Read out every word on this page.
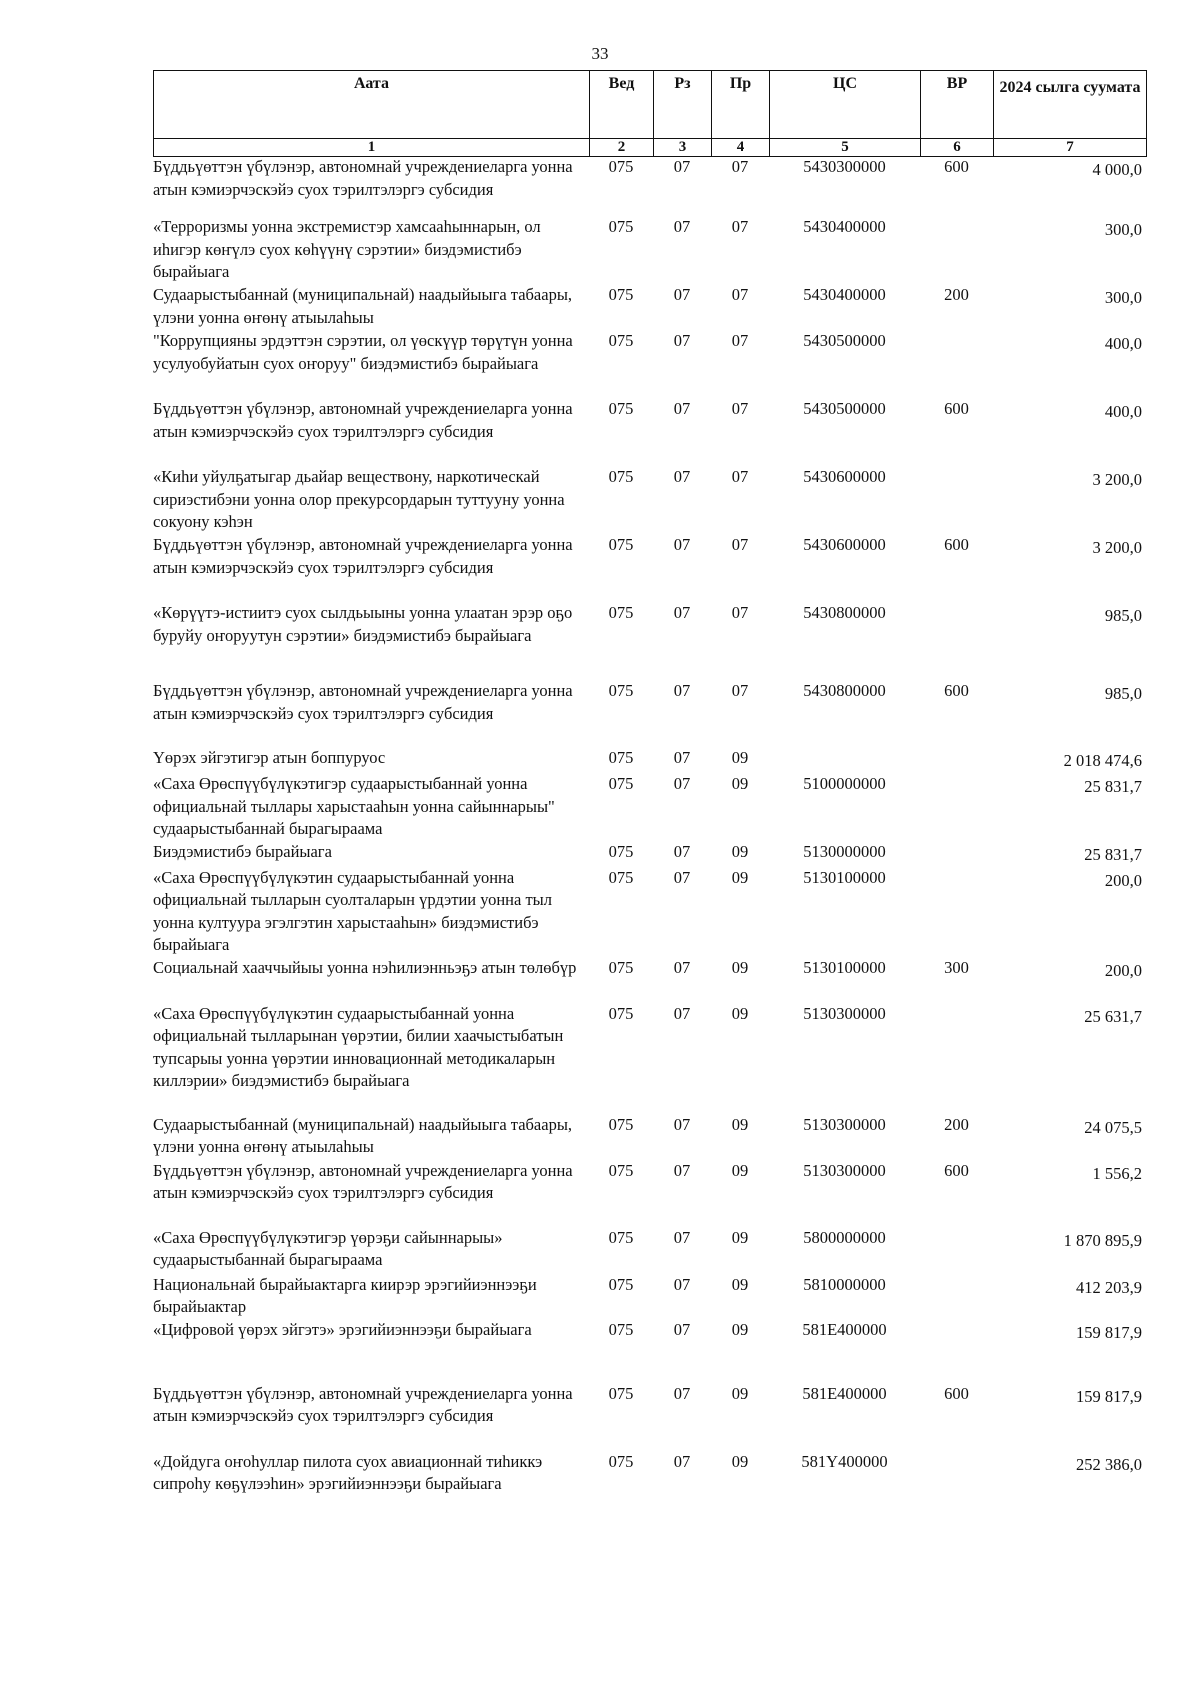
33
Аата	Вед	Рз	Пр	ЦС	ВР	2024 сылга суумата
1	2	3	4	5	6	7
Бүддьүөттэн үбүлэнэр, автономнай учреждениеларга уонна атын кэмиэрчэскэйэ суох тэрилтэлэргэ субсидия	075	07	07	5430300000	600	4 000,0
«Терроризмы уонна экстремистэр хамсааһыннарын, ол иһигэр көҥүлэ суох көһүүнү сэрэтии» биэдэмистибэ бырайыага	075	07	07	5430400000		300,0
Судаарыстыбаннай (муниципальнай) наадыйыыга табаары, үлэни уонна өҥөнү атыылаһыы	075	07	07	5430400000	200	300,0
"Коррупцияны эрдэттэн сэрэтии, ол үөскүүр төрүтүн уонна усулуобуйатын суох оҥоруу" биэдэмистибэ бырайыага	075	07	07	5430500000		400,0
Бүддьүөттэн үбүлэнэр, автономнай учреждениеларга уонна атын кэмиэрчэскэйэ суох тэрилтэлэргэ субсидия	075	07	07	5430500000	600	400,0
«Киһи уйулҕатыгар дьайар веществону, наркотическай сириэстибэни уонна олор прекурсордарын туттууну уонна сокуону кэһэн	075	07	07	5430600000		3 200,0
Бүддьүөттэн үбүлэнэр, автономнай учреждениеларга уонна атын кэмиэрчэскэйэ суох тэрилтэлэргэ субсидия	075	07	07	5430600000	600	3 200,0
«Көрүүтэ-истиитэ суох сылдьыыны уонна улаатан эрэр оҕо буруйу оҥоруутун сэрэтии» биэдэмистибэ бырайыага	075	07	07	5430800000		985,0
Бүддьүөттэн үбүлэнэр, автономнай учреждениеларга уонна атын кэмиэрчэскэйэ суох тэрилтэлэргэ субсидия	075	07	07	5430800000	600	985,0
Үөрэх эйгэтигэр атын боппуруос	075	07	09			2 018 474,6
«Саха Өрөспүүбүлүкэтигэр судаарыстыбаннай уонна официальнай тыллары харыстааһын уонна сайыннарыы" судаарыстыбаннай бырагыраама	075	07	09	5100000000		25 831,7
Биэдэмистибэ бырайыага	075	07	09	5130000000		25 831,7
«Саха Өрөспүүбүлүкэтин судаарыстыбаннай уонна официальнай тылларын суолталарын үрдэтии уонна тыл уонна култуура эгэлгэтин харыстааһын» биэдэмистибэ бырайыага	075	07	09	5130100000		200,0
Социальнай хааччыйыы уонна нэһилиэнньэҕэ атын төлөбүр	075	07	09	5130100000	300	200,0
«Саха Өрөспүүбүлүкэтин судаарыстыбаннай уонна официальнай тылларынан үөрэтии, билии хаачыстыбатын тупсарыы уонна үөрэтии инновационнай методикаларын киллэрии» биэдэмистибэ бырайыага	075	07	09	5130300000		25 631,7
Судаарыстыбаннай (муниципальнай) наадыйыыга табаары, үлэни уонна өҥөнү атыылаһыы	075	07	09	5130300000	200	24 075,5
Бүддьүөттэн үбүлэнэр, автономнай учреждениеларга уонна атын кэмиэрчэскэйэ суох тэрилтэлэргэ субсидия	075	07	09	5130300000	600	1 556,2
«Саха Өрөспүүбүлүкэтигэр үөрэҕи сайыннарыы» судаарыстыбаннай бырагыраама	075	07	09	5800000000		1 870 895,9
Национальнай бырайыактарга киирэр эрэгийиэннээҕи бырайыактар	075	07	09	5810000000		412 203,9
«Цифровой үөрэх эйгэтэ» эрэгийиэннээҕи бырайыага	075	07	09	581E400000		159 817,9
Бүддьүөттэн үбүлэнэр, автономнай учреждениеларга уонна атын кэмиэрчэскэйэ суох тэрилтэлэргэ субсидия	075	07	09	581E400000	600	159 817,9
«Дойдуга оҥоһуллар пилота суох авиационнай тиһиккэ сипроһу көҕүлээһин» эрэгийиэннээҕи бырайыага	075	07	09	581Y400000		252 386,0
